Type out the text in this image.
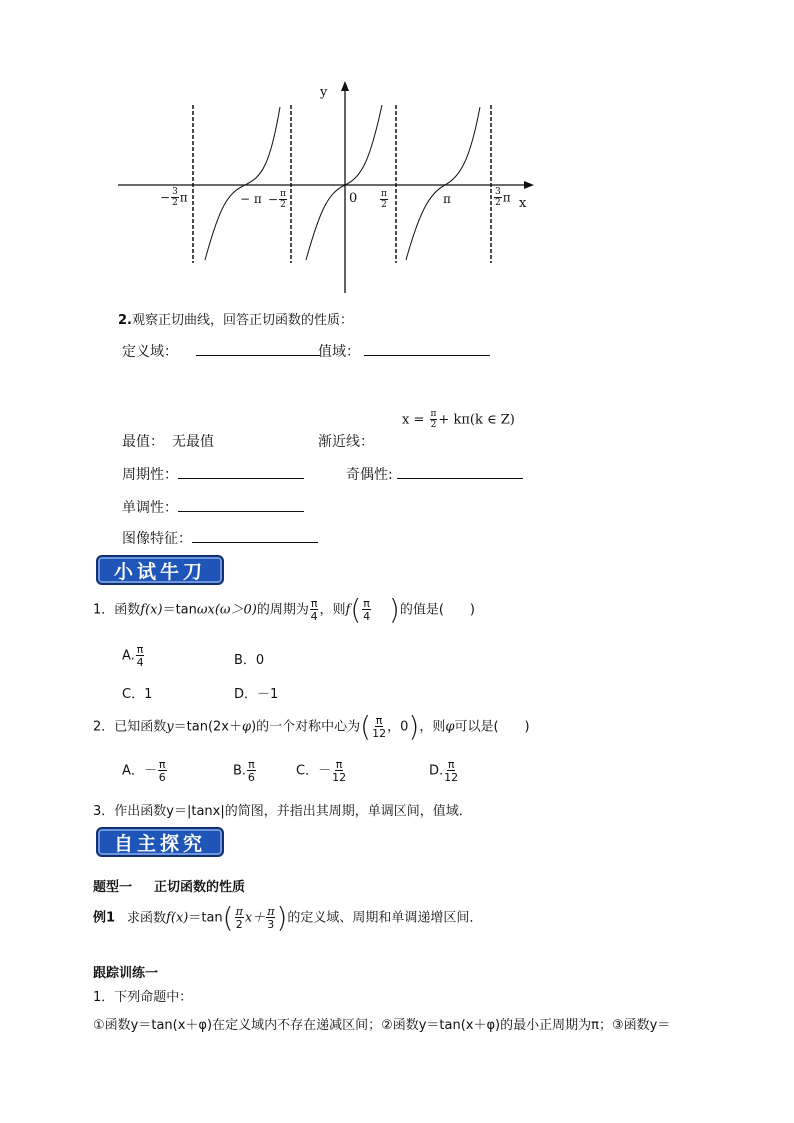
y
x
0
− $\frac{3}{2}$ π	− $\pi - \frac{\pi}{2}$	$\frac{\pi}{2}$	π	$\frac{3}{2}$ π
2.观察正切曲线，回答正切函数的性质：
定义域：	值域：
$x = \frac{\pi}{2} + k\pi(k$ ∈ Z)
最值： 无最值	渐近线：
周期性：	奇偶性:
单调性：
图像特征：
小试牛刀
1．函数f(x)＝tanωx(ω＞0)的周期为 $\frac{\pi}{4}$ ，则$f( \frac{\pi}{4}$ )的值是(　　)
A. $\frac{\pi}{4}$	B．0
C．1	D．－1
2．已知函数y＝tan(2x＋φ)的一个对称中心为( $\frac{\pi}{12}$ ，0)，则φ可以是(　　)
A．－ $\frac{\pi}{6}$	B. $\frac{\pi}{6}$	C．－ $\frac{\pi}{12}$	D. $\frac{\pi}{12}$
3．作出函数y＝|tanx|的简图，并指出其周期，单调区间，值域．
自主探究
题型一 正切函数的性质
例1 求函数$f(x)=\tan( \frac{\pi}{2} x+ \frac{\pi}{3}$ )的定义域、周期和单调递增区间．
跟踪训练一
1．下列命题中：
①函数y＝tan(x＋φ)在定义域内不存在递减区间；②函数y＝tan(x＋φ)的最小正周期为π；③函数y＝
